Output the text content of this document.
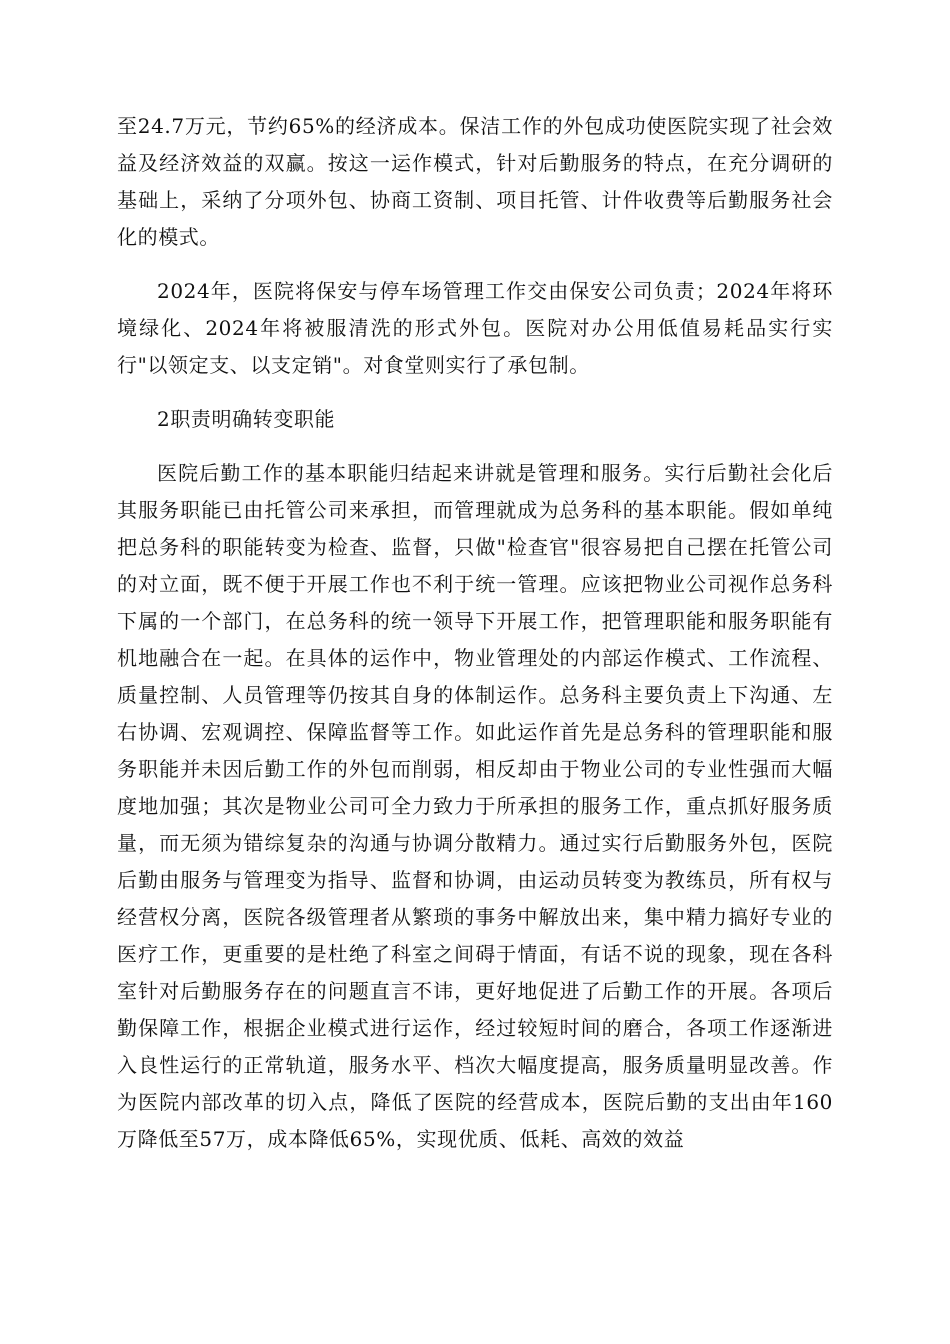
至24.7万元，节约65%的经济成本。保洁工作的外包成功使医院实现了社会效益及经济效益的双赢。按这一运作模式，针对后勤服务的特点，在充分调研的基础上，采纳了分项外包、协商工资制、项目托管、计件收费等后勤服务社会化的模式。

2024年，医院将保安与停车场管理工作交由保安公司负责；2024年将环境绿化、2024年将被服清洗的形式外包。医院对办公用低值易耗品实行实行"以领定支、以支定销"。对食堂则实行了承包制。

2职责明确转变职能

医院后勤工作的基本职能归结起来讲就是管理和服务。实行后勤社会化后其服务职能已由托管公司来承担，而管理就成为总务科的基本职能。假如单纯把总务科的职能转变为检查、监督，只做"检查官"很容易把自己摆在托管公司的对立面，既不便于开展工作也不利于统一管理。应该把物业公司视作总务科下属的一个部门，在总务科的统一领导下开展工作，把管理职能和服务职能有机地融合在一起。在具体的运作中，物业管理处的内部运作模式、工作流程、质量控制、人员管理等仍按其自身的体制运作。总务科主要负责上下沟通、左右协调、宏观调控、保障监督等工作。如此运作首先是总务科的管理职能和服务职能并未因后勤工作的外包而削弱，相反却由于物业公司的专业性强而大幅度地加强；其次是物业公司可全力致力于所承担的服务工作，重点抓好服务质量，而无须为错综复杂的沟通与协调分散精力。通过实行后勤服务外包，医院后勤由服务与管理变为指导、监督和协调，由运动员转变为教练员，所有权与经营权分离，医院各级管理者从繁琐的事务中解放出来，集中精力搞好专业的医疗工作，更重要的是杜绝了科室之间碍于情面，有话不说的现象，现在各科室针对后勤服务存在的问题直言不讳，更好地促进了后勤工作的开展。各项后勤保障工作，根据企业模式进行运作，经过较短时间的磨合，各项工作逐渐进入良性运行的正常轨道，服务水平、档次大幅度提高，服务质量明显改善。作为医院内部改革的切入点，降低了医院的经营成本，医院后勤的支出由年160万降低至57万，成本降低65%，实现优质、低耗、高效的效益
